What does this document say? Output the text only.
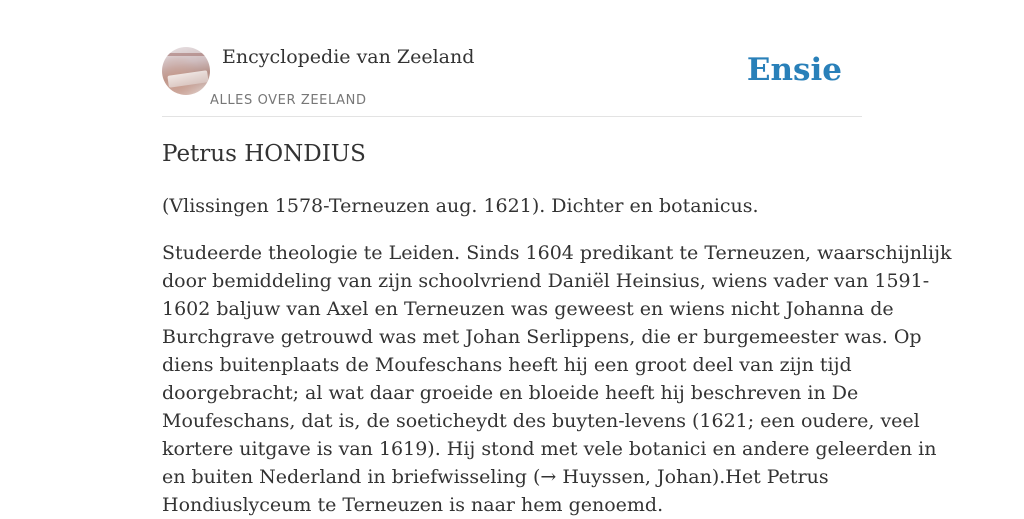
Encyclopedie van Zeeland
ALLES OVER ZEELAND
Ensie
Petrus HONDIUS

(Vlissingen 1578-Terneuzen aug. 1621). Dichter en botanicus.

Studeerde theologie te Leiden. Sinds 1604 predikant te Terneuzen, waarschijnlijk
door bemiddeling van zijn schoolvriend Daniël Heinsius, wiens vader van 1591-
1602 baljuw van Axel en Terneuzen was geweest en wiens nicht Johanna de
Burchgrave getrouwd was met Johan Serlippens, die er burgemeester was. Op
diens buitenplaats de Moufeschans heeft hij een groot deel van zijn tijd
doorgebracht; al wat daar groeide en bloeide heeft hij beschreven in De
Moufeschans, dat is, de soeticheydt des buyten-levens (1621; een oudere, veel
kortere uitgave is van 1619). Hij stond met vele botanici en andere geleerden in
en buiten Nederland in briefwisseling (→ Huyssen, Johan).Het Petrus
Hondiuslyceum te Terneuzen is naar hem genoemd.
